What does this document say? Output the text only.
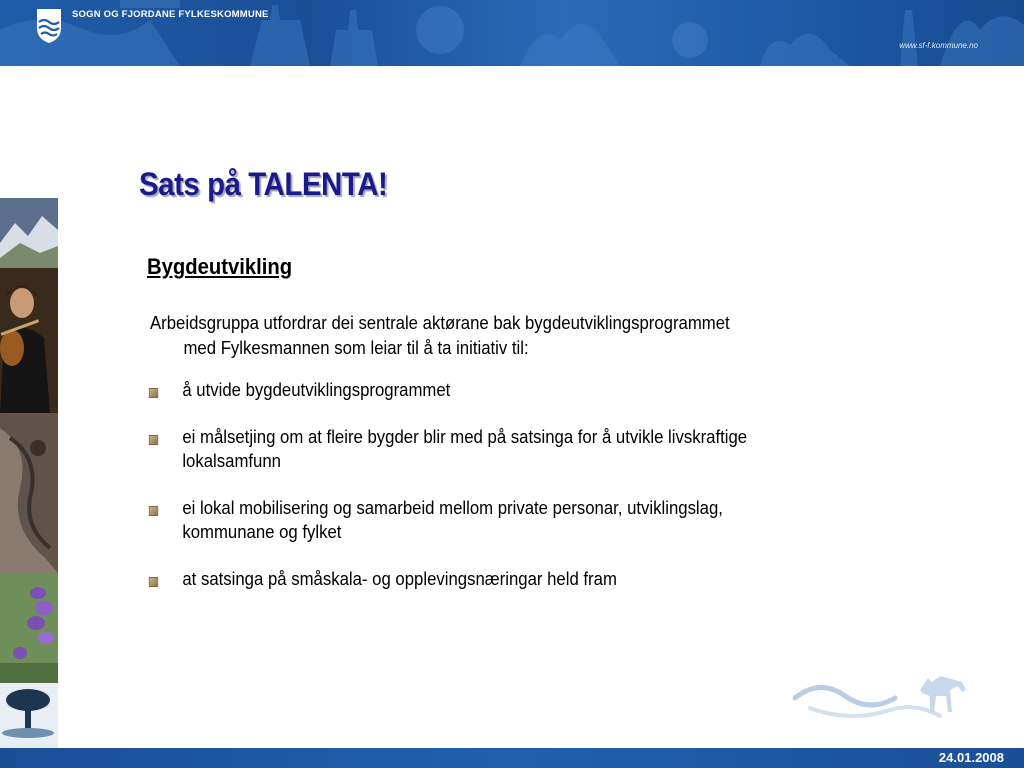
SOGN OG FJORDANE FYLKESKOMMUNE
www.sf-f.kommune.no
Sats på TALENTA!
Bygdeutvikling
Arbeidsgruppa utfordrar dei sentrale aktørane bak bygdeutviklingsprogrammet
med Fylkesmannen som leiar til å ta initiativ til:
å utvide bygdeutviklingsprogrammet
ei målsetjing om at fleire bygder blir med på satsinga for å utvikle livskraftige
lokalsamfunn
ei lokal mobilisering og samarbeid mellom private personar, utviklingslag,
kommunane og fylket
at satsinga på småskala- og opplevingsnæringar held fram
24.01.2008
